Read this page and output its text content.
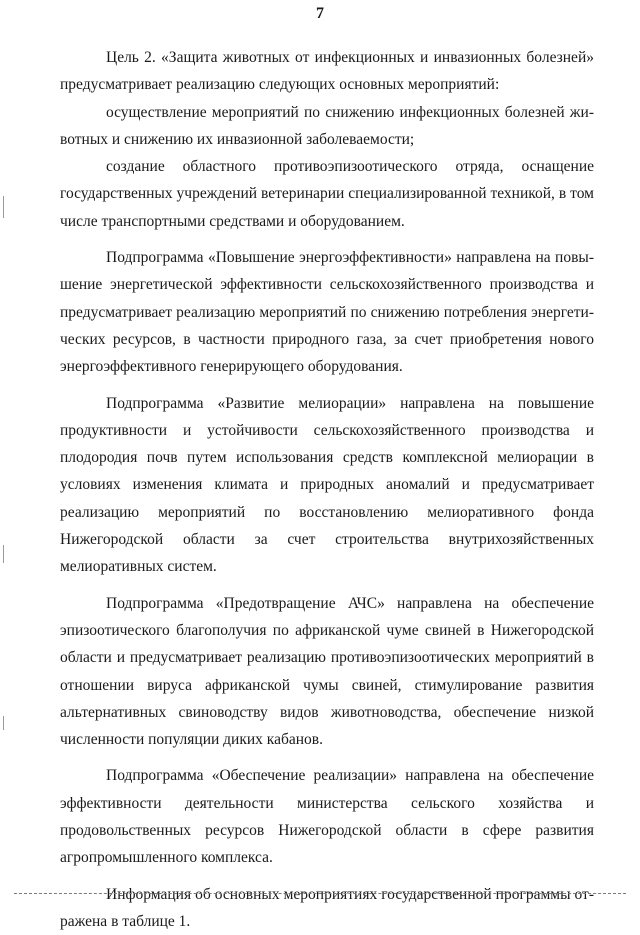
7

Цель 2. «Защита животных от инфекционных и инвазионных болезней» предусматривает реализацию следующих основных мероприятий:

осуществление мероприятий по снижению инфекционных болезней животных и снижению их инвазионной заболеваемости;

создание областного противоэпизоотического отряда, оснащение государственных учреждений ветеринарии специализированной техникой, в том числе транспортными средствами и оборудованием.

Подпрограмма «Повышение энергоэффективности» направлена на повышение энергетической эффективности сельскохозяйственного производства и предусматривает реализацию мероприятий по снижению потребления энергетических ресурсов, в частности природного газа, за счет приобретения нового энергоэффективного генерирующего оборудования.

Подпрограмма «Развитие мелиорации» направлена на повышение продуктивности и устойчивости сельскохозяйственного производства и плодородия почв путем использования средств комплексной мелиорации в условиях изменения климата и природных аномалий и предусматривает реализацию мероприятий по восстановлению мелиоративного фонда Нижегородской области за счет строительства внутрихозяйственных мелиоративных систем.

Подпрограмма «Предотвращение АЧС» направлена на обеспечение эпизоотического благополучия по африканской чуме свиней в Нижегородской области и предусматривает реализацию противоэпизоотических мероприятий в отношении вируса африканской чумы свиней, стимулирование развития альтернативных свиноводству видов животноводства, обеспечение низкой численности популяции диких кабанов.

Подпрограмма «Обеспечение реализации» направлена на обеспечение эффективности деятельности министерства сельского хозяйства и продовольственных ресурсов Нижегородской области в сфере развития агропромышленного комплекса.

Информация об основных мероприятиях государственной программы отражена в таблице 1.
